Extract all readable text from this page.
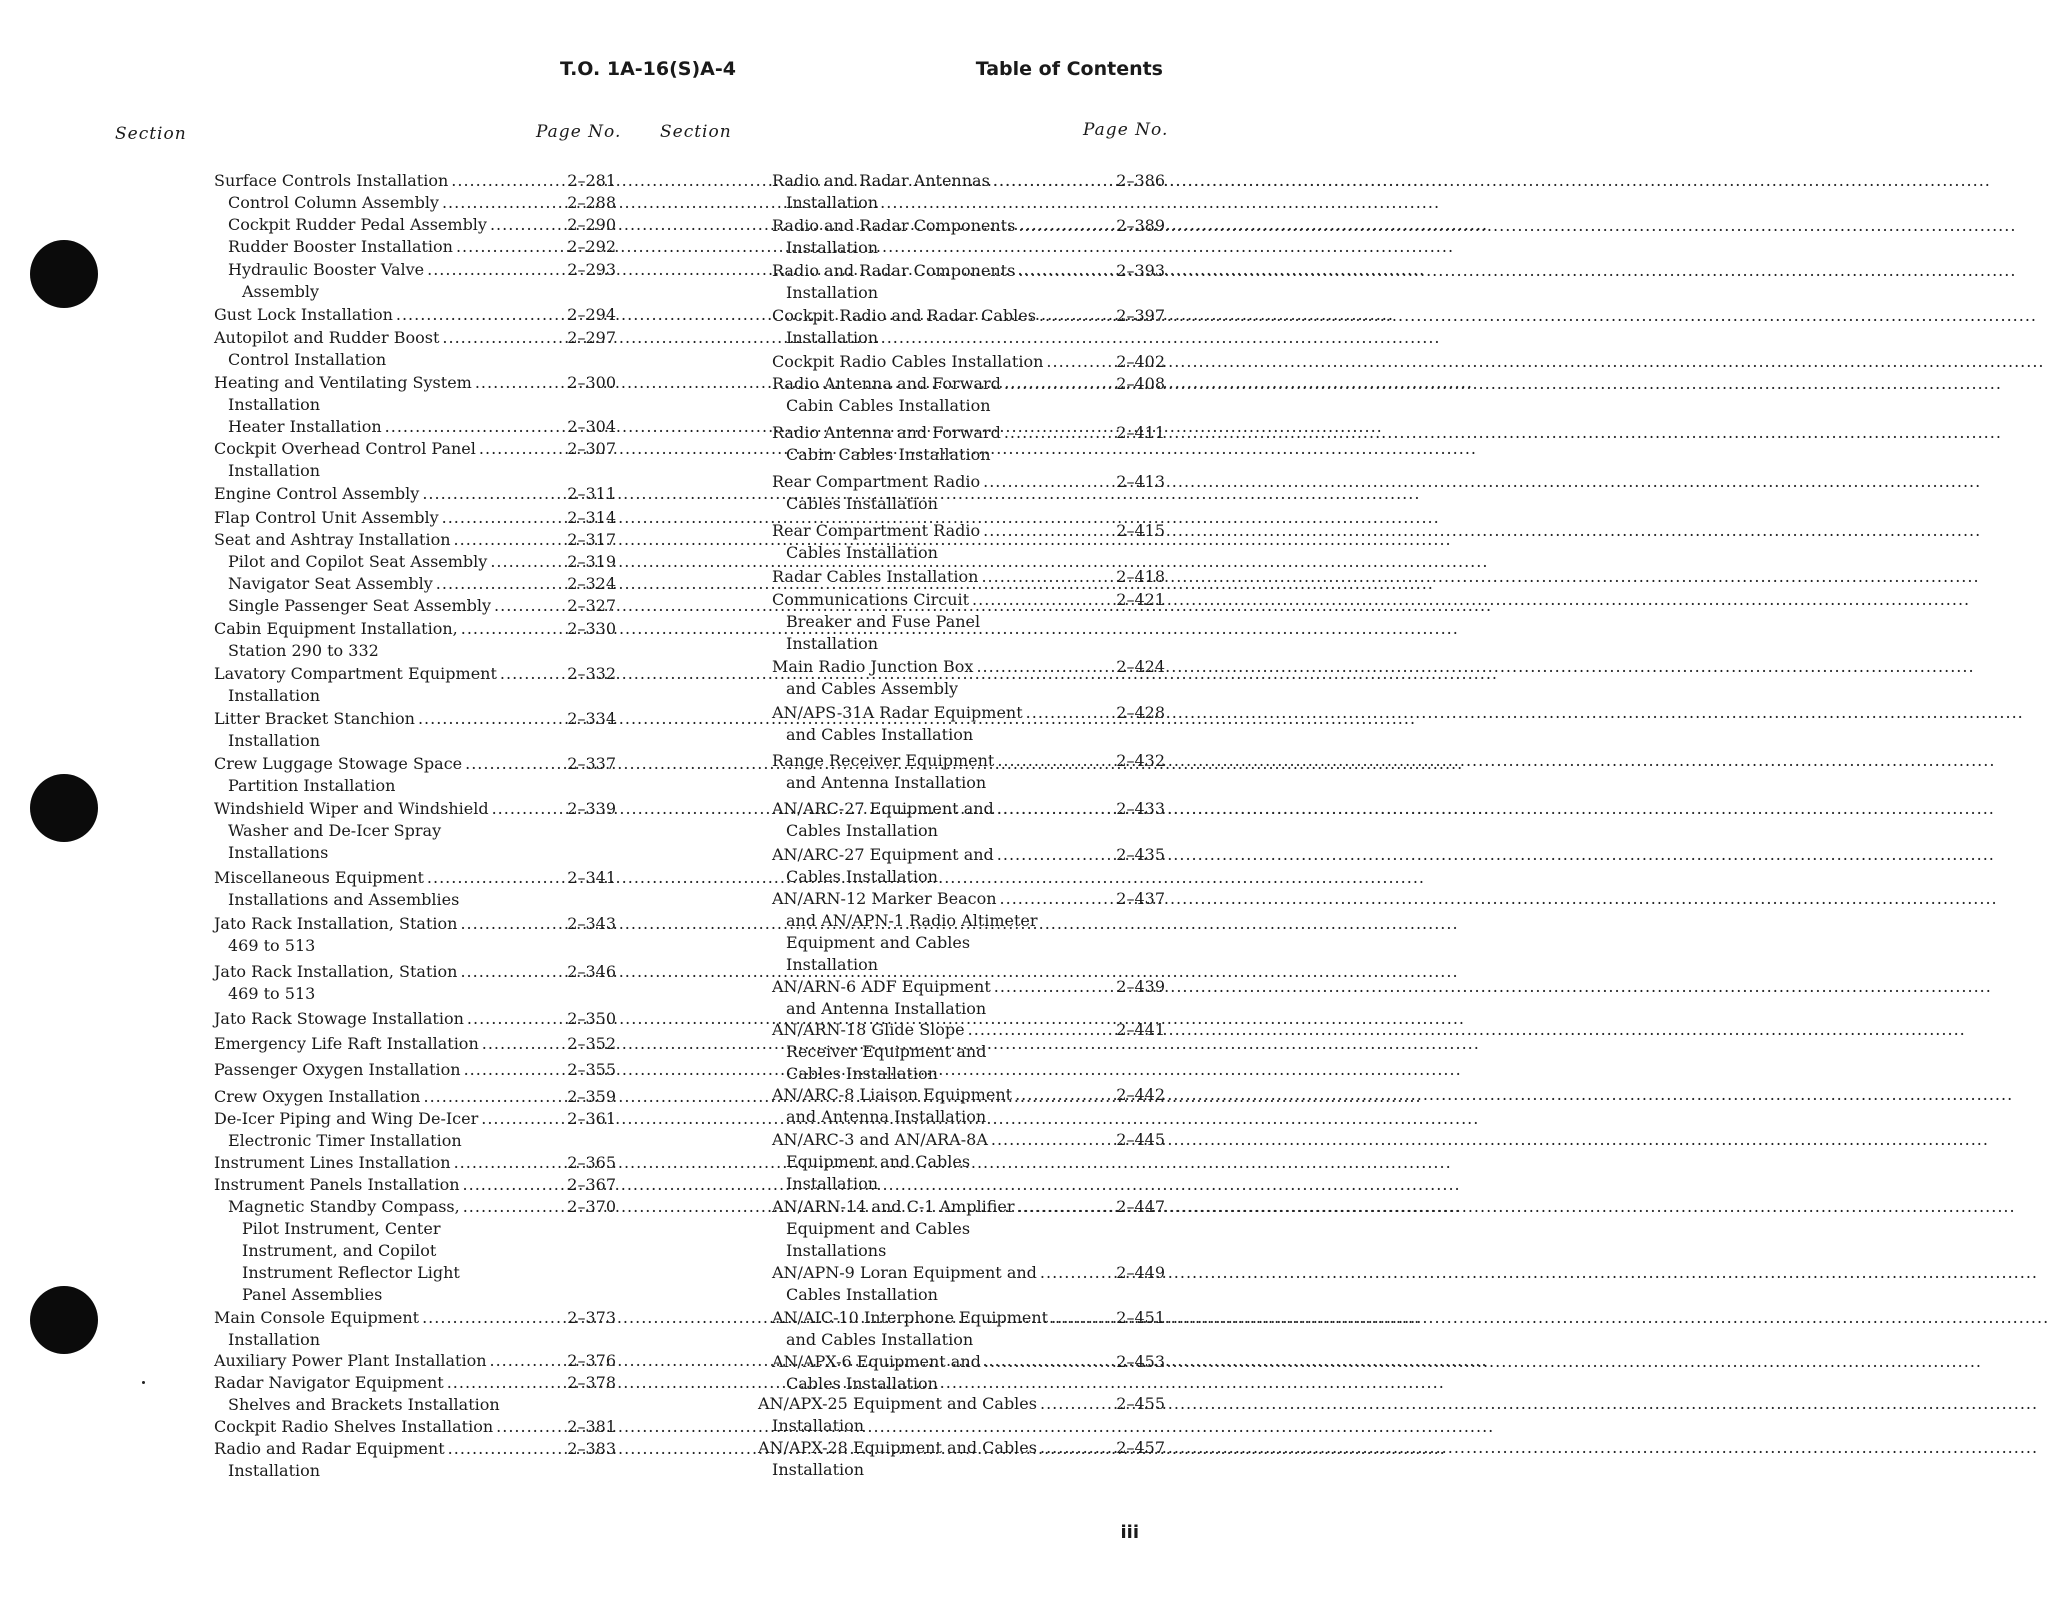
T.O. 1A-16(S)A-4	Table of Contents
Section	Page No. Section	Page No.
Surface Controls Installation .....	2–281
Control Column Assembly .....	2–288
Cockpit Rudder Pedal Assembly .....	2–290
Rudder Booster Installation .....	2–292
Hydraulic Booster Valve .....	2–293
Assembly
Gust Lock Installation .....	2–294
Autopilot and Rudder Boost .....	2–297
Control Installation
Heating and Ventilating System .....	2–300
Installation
Heater Installation .....	2–304
Cockpit Overhead Control Panel .....	2–307
Installation
Engine Control Assembly .....	2–311
Flap Control Unit Assembly .....	2–314
Seat and Ashtray Installation .....	2–317
Pilot and Copilot Seat Assembly .....	2–319
Navigator Seat Assembly .....	2–324
Single Passenger Seat Assembly .....	2–327
Cabin Equipment Installation, .....	2–330
Station 290 to 332
Lavatory Compartment Equipment .....	2–332
Installation
Litter Bracket Stanchion .....	2–334
Installation
Crew Luggage Stowage Space .....	2–337
Partition Installation
Windshield Wiper and Windshield .....	2–339
Washer and De-Icer Spray
Installations
Miscellaneous Equipment .....	2–341
Installations and Assemblies
Jato Rack Installation, Station .....	2–343
469 to 513
Jato Rack Installation, Station .....	2–346
469 to 513
Jato Rack Stowage Installation .....	2–350
Emergency Life Raft Installation .....	2–352
Passenger Oxygen Installation .....	2–355
Crew Oxygen Installation .....	2–359
De-Icer Piping and Wing De-Icer .....	2–361
Electronic Timer Installation
Instrument Lines Installation .....	2–365
Instrument Panels Installation .....	2–367
Magnetic Standby Compass, .....	2–370
Pilot Instrument, Center
Instrument, and Copilot
Instrument Reflector Light
Panel Assemblies
Main Console Equipment .....	2–373
Installation
Auxiliary Power Plant Installation .....	2–376
Radar Navigator Equipment .....	2–378
Shelves and Brackets Installation
Cockpit Radio Shelves Installation .....	2–381
Radio and Radar Equipment .....	2–383
Installation
Radio and Radar Antennas .....	2–386
Installation
Radio and Radar Components .....	2–389
Installation
Radio and Radar Components .....	2–393
Installation
Cockpit Radio and Radar Cables .....	2–397
Installation
Cockpit Radio Cables Installation .....	2–402
Radio Antenna and Forward .....	2–408
Cabin Cables Installation
Radio Antenna and Forward .....	2–411
Cabin Cables Installation
Rear Compartment Radio .....	2–413
Cables Installation
Rear Compartment Radio .....	2–415
Cables Installation
Radar Cables Installation .....	2–418
Communications Circuit .....	2–421
Breaker and Fuse Panel
Installation
Main Radio Junction Box .....	2–424
and Cables Assembly
AN/APS-31A Radar Equipment .....	2–428
and Cables Installation
Range Receiver Equipment .....	2–432
and Antenna Installation
AN/ARC-27 Equipment and .....	2–433
Cables Installation
AN/ARC-27 Equipment and .....	2–435
Cables Installation
AN/ARN-12 Marker Beacon .....	2–437
and AN/APN-1 Radio Altimeter
Equipment and Cables
Installation
AN/ARN-6 ADF Equipment .....	2–439
and Antenna Installation
AN/ARN-18 Glide Slope .....	2–441
Receiver Equipment and
Cables Installation
AN/ARC-8 Liaison Equipment .....	2–442
and Antenna Installation
AN/ARC-3 and AN/ARA-8A .....	2–445
Equipment and Cables
Installation
AN/ARN-14 and C-1 Amplifier .....	2–447
Equipment and Cables
Installations
AN/APN-9 Loran Equipment and .....	2–449
Cables Installation
AN/AIC-10 Interphone Equipment .....	2–451
and Cables Installation
AN/APX-6 Equipment and .....	2–453
Cables Installation
AN/APX-25 Equipment and Cables .....	2–455
Installation
AN/APX-28 Equipment and Cables .....	2–457
Installation
iii
